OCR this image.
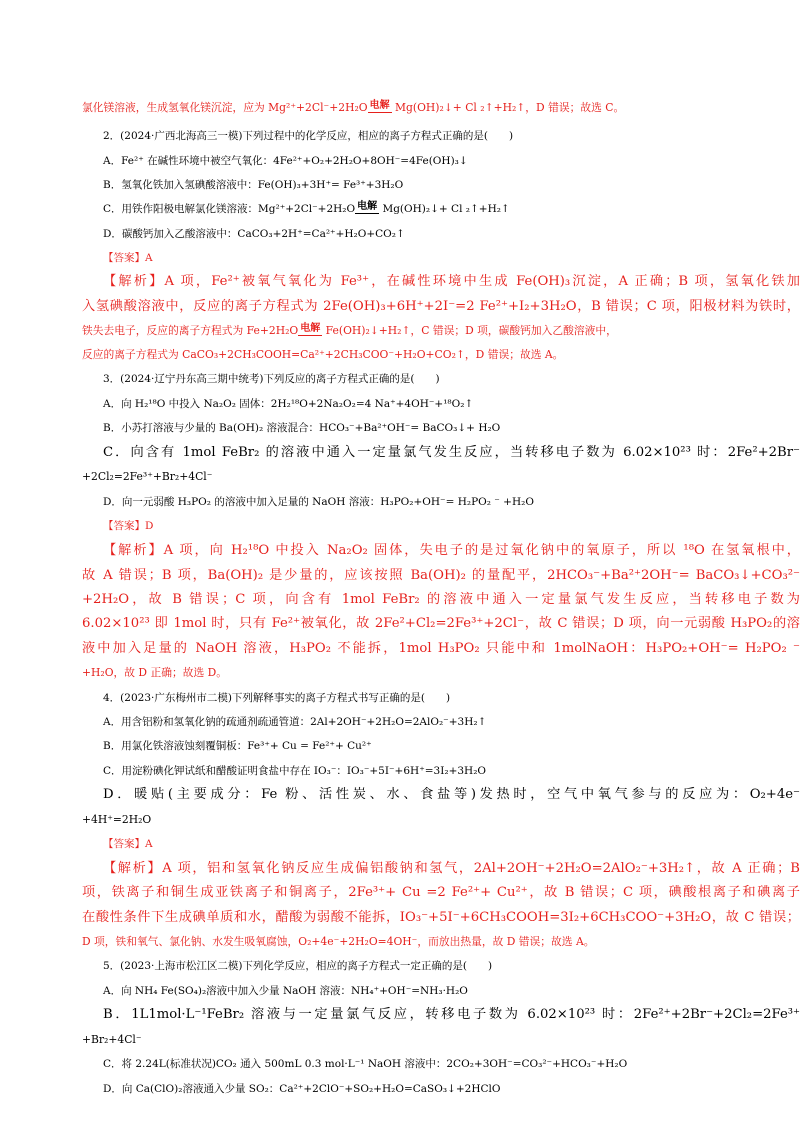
氯化镁溶液，生成氢氧化镁沉淀，应为 Mg²⁺+2Cl⁻+2H₂O 电解 Mg(OH)₂↓+ Cl ₂↑+H₂↑，D 错误；故选 C。

2．(2024·广西北海高三一模)下列过程中的化学反应，相应的离子方程式正确的是(　　)

A．Fe²⁺ 在碱性环境中被空气氧化：4Fe²⁺+O₂+2H₂O+8OH⁻=4Fe(OH)₃↓

B．氢氧化铁加入氢碘酸溶液中：Fe(OH)₃+3H⁺= Fe³⁺+3H₂O

C．用铁作阳极电解氯化镁溶液：Mg²⁺+2Cl⁻+2H₂O 电解 Mg(OH)₂↓+ Cl ₂↑+H₂↑

D．碳酸钙加入乙酸溶液中：CaCO₃+2H⁺=Ca²⁺+H₂O+CO₂↑

【答案】A

【解析】A 项，Fe²⁺被氧气氧化为 Fe³⁺，在碱性环境中生成 Fe(OH)₃沉淀，A 正确；B 项，氢氧化铁加

入氢碘酸溶液中，反应的离子方程式为 2Fe(OH)₃+6H⁺+2I⁻=2 Fe²⁺+I₂+3H₂O，B 错误；C 项，阳极材料为铁时，

铁失去电子，反应的离子方程式为 Fe+2H₂O 电解 Fe(OH)₂↓+H₂↑，C 错误；D 项，碳酸钙加入乙酸溶液中，

反应的离子方程式为 CaCO₃+2CH₃COOH=Ca²⁺+2CH₃COO⁻+H₂O+CO₂↑，D 错误；故选 A。

3．(2024·辽宁丹东高三期中统考)下列反应的离子方程式正确的是(　　)

A．向 H₂¹⁸O 中投入 Na₂O₂ 固体：2H₂¹⁸O+2Na₂O₂=4 Na⁺+4OH⁻+¹⁸O₂↑

B．小苏打溶液与少量的 Ba(OH)₂ 溶液混合：HCO₃⁻+Ba²⁺OH⁻= BaCO₃↓+ H₂O

C．向含有 1mol FeBr₂ 的溶液中通入一定量氯气发生反应，当转移电子数为 6.02×10²³ 时：2Fe²+2Br⁻

+2Cl₂=2Fe³⁺+Br₂+4Cl⁻

D．向一元弱酸 H₃PO₂ 的溶液中加入足量的 NaOH 溶液：H₃PO₂+OH⁻= H₂PO₂ ⁻ +H₂O

【答案】D

【解析】A 项，向 H₂¹⁸O 中投入 Na₂O₂ 固体，失电子的是过氧化钠中的氧原子，所以 ¹⁸O 在氢氧根中，

故 A 错误；B 项，Ba(OH)₂ 是少量的，应该按照 Ba(OH)₂ 的量配平，2HCO₃⁻+Ba²⁺2OH⁻= BaCO₃↓+CO₃²⁻

+2H₂O，故 B 错误；C 项，向含有 1mol FeBr₂ 的溶液中通入一定量氯气发生反应，当转移电子数为

6.02×10²³ 即 1mol 时，只有 Fe²⁺被氧化，故 2Fe²+Cl₂=2Fe³⁺+2Cl⁻，故 C 错误；D 项，向一元弱酸 H₃PO₂的溶

液中加入足量的 NaOH 溶液，H₃PO₂ 不能拆，1mol H₃PO₂ 只能中和 1molNaOH：H₃PO₂+OH⁻= H₂PO₂ ⁻

+H₂O，故 D 正确；故选 D。

4．(2023·广东梅州市二模)下列解释事实的离子方程式书写正确的是(　　)

A．用含铝粉和氢氧化钠的疏通剂疏通管道：2Al+2OH⁻+2H₂O=2AlO₂⁻+3H₂↑

B．用氯化铁溶液蚀刻覆铜板：Fe³⁺+ Cu = Fe²⁺+ Cu²⁺

C．用淀粉碘化钾试纸和醋酸证明食盐中存在 IO₃⁻：IO₃⁻+5I⁻+6H⁺=3I₂+3H₂O

D．暖贴(主要成分：Fe 粉、活性炭、水、食盐等)发热时，空气中氧气参与的反应为：O₂+4e⁻

+4H⁺=2H₂O

【答案】A

【解析】A 项，铝和氢氧化钠反应生成偏铝酸钠和氢气，2Al+2OH⁻+2H₂O=2AlO₂⁻+3H₂↑，故 A 正确；B

项，铁离子和铜生成亚铁离子和铜离子，2Fe³⁺+ Cu =2 Fe²⁺+ Cu²⁺，故 B 错误；C 项，碘酸根离子和碘离子

在酸性条件下生成碘单质和水，醋酸为弱酸不能拆，IO₃⁻+5I⁻+6CH₃COOH=3I₂+6CH₃COO⁻+3H₂O，故 C 错误；

D 项，铁和氧气、氯化钠、水发生吸氧腐蚀，O₂+4e⁻+2H₂O=4OH⁻，而放出热量，故 D 错误；故选 A。

5．(2023·上海市松江区二模)下列化学反应，相应的离子方程式一定正确的是(　　)

A．向 NH₄ Fe(SO₄)₂溶液中加入少量 NaOH 溶液：NH₄⁺+OH⁻=NH₃·H₂O

B．1L1mol·L⁻¹FeBr₂ 溶液与一定量氯气反应，转移电子数为 6.02×10²³ 时：2Fe²⁺+2Br⁻+2Cl₂=2Fe³⁺

+Br₂+4Cl⁻

C．将 2.24L(标准状况)CO₂ 通入 500mL 0.3 mol·L⁻¹ NaOH 溶液中：2CO₂+3OH⁻=CO₃²⁻+HCO₃⁻+H₂O

D．向 Ca(ClO)₂溶液通入少量 SO₂：Ca²⁺+2ClO⁻+SO₂+H₂O=CaSO₃↓+2HClO
